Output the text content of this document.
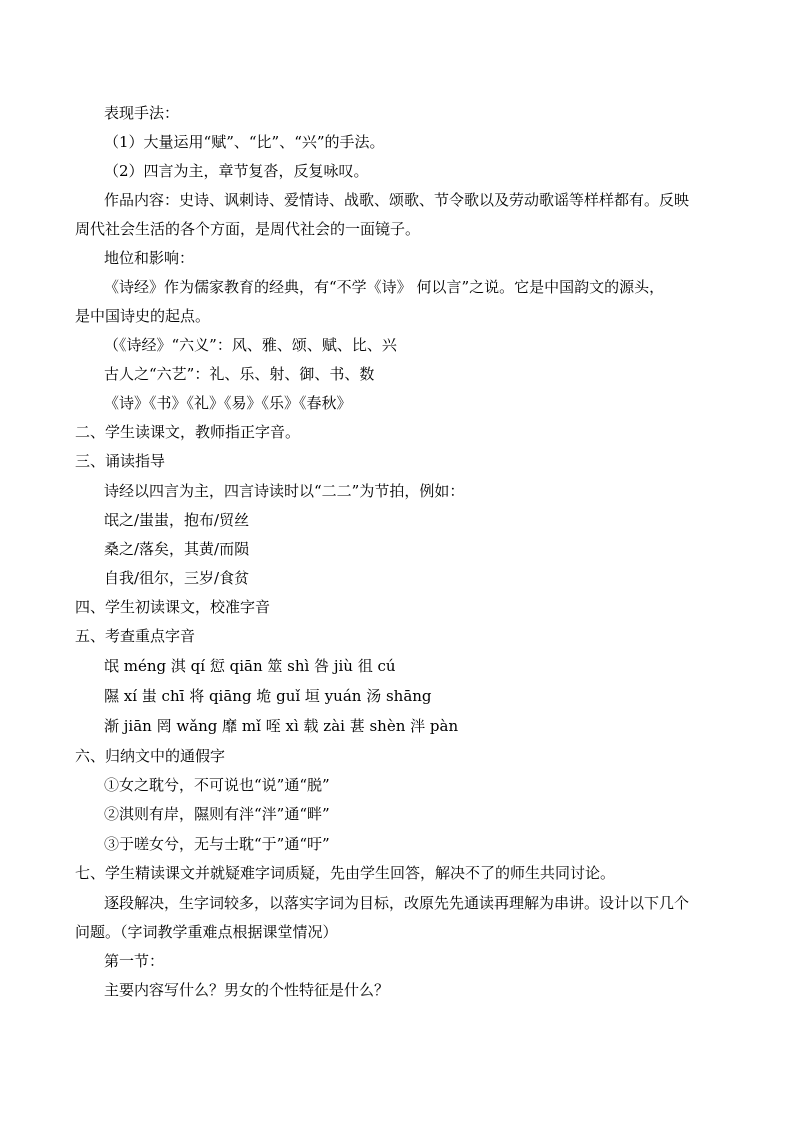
表现手法：
（1）大量运用“赋”、“比”、“兴”的手法。
（2）四言为主，章节复沓，反复咏叹。
作品内容：史诗、讽刺诗、爱情诗、战歌、颂歌、节令歌以及劳动歌谣等样样都有。反映
周代社会生活的各个方面，是周代社会的一面镜子。
地位和影响：
《诗经》作为儒家教育的经典，有“不学《诗》 何以言”之说。它是中国韵文的源头，
是中国诗史的起点。
（《诗经》“六义”：风、雅、颂、赋、比、兴
古人之“六艺”：礼、乐、射、御、书、数
《诗》《书》《礼》《易》《乐》《春秋》
二、学生读课文，教师指正字音。
三、诵读指导
诗经以四言为主，四言诗读时以“二二”为节拍，例如：
氓之/蚩蚩，抱布/贸丝
桑之/落矣，其黄/而陨
自我/徂尔，三岁/食贫
四、学生初读课文，校准字音
五、考查重点字音
氓 méng 淇 qí 愆 qiān 筮 shì 咎 jiù 徂 cú
隰 xí 蚩 chī 将 qiāng 垝 guǐ 垣 yuán 汤 shāng
渐 jiān 罔 wǎng 靡 mǐ 咥 xì 载 zài 葚 shèn 泮 pàn
六、归纳文中的通假字
①女之耽兮，不可说也“说”通“脱”
②淇则有岸，隰则有泮“泮”通“畔”
③于嗟女兮，无与士耽“于”通“吁”
七、学生精读课文并就疑难字词质疑，先由学生回答，解决不了的师生共同讨论。
逐段解决，生字词较多，以落实字词为目标，改原先先通读再理解为串讲。设计以下几个
问题。（字词教学重难点根据课堂情况）
第一节：
主要内容写什么？男女的个性特征是什么？
